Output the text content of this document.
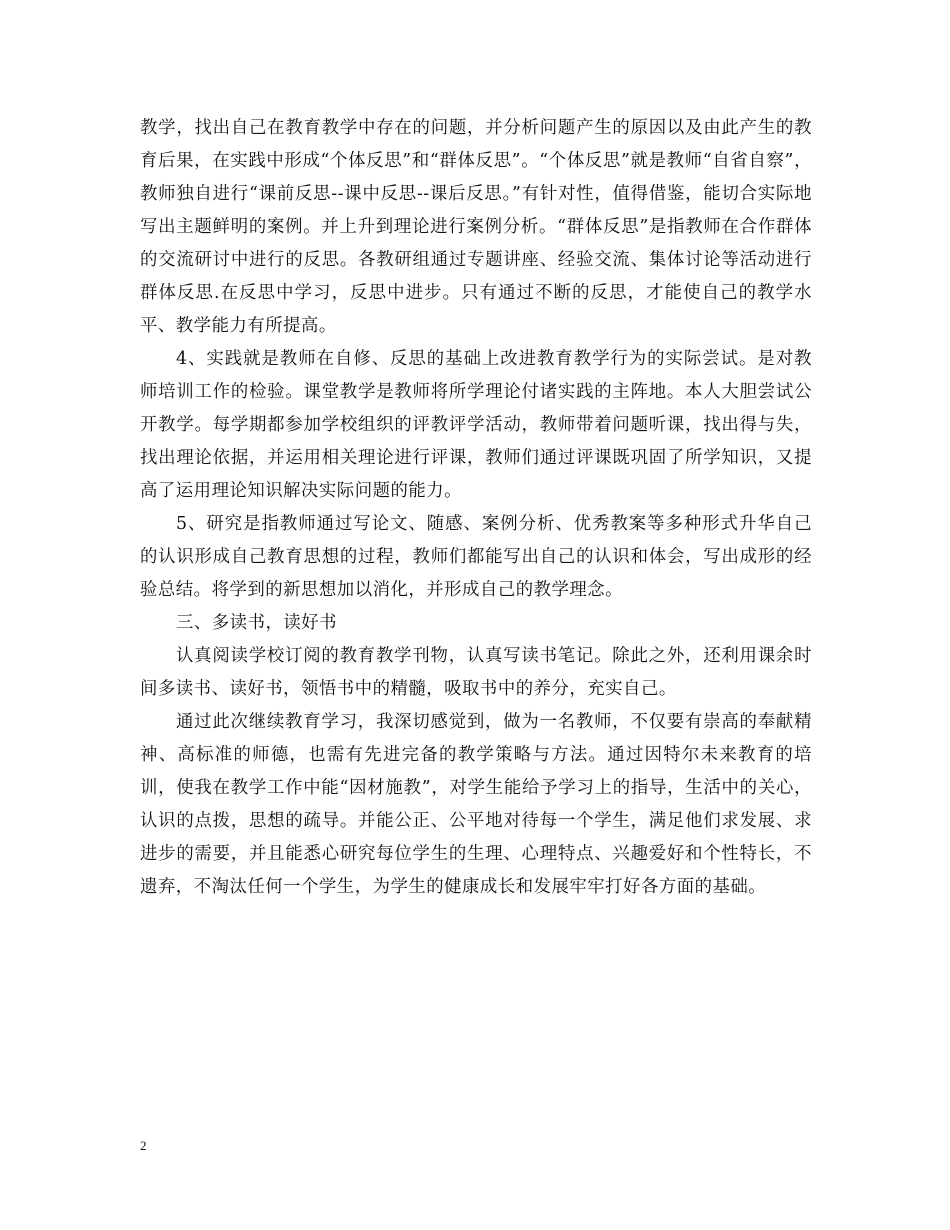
教学，找出自己在教育教学中存在的问题，并分析问题产生的原因以及由此产生的教育后果，在实践中形成“个体反思”和“群体反思”。“个体反思”就是教师“自省自察”，教师独自进行“课前反思--课中反思--课后反思。”有针对性，值得借鉴，能切合实际地写出主题鲜明的案例。并上升到理论进行案例分析。“群体反思”是指教师在合作群体的交流研讨中进行的反思。各教研组通过专题讲座、经验交流、集体讨论等活动进行群体反思.在反思中学习，反思中进步。只有通过不断的反思，才能使自己的教学水平、教学能力有所提高。

4、实践就是教师在自修、反思的基础上改进教育教学行为的实际尝试。是对教师培训工作的检验。课堂教学是教师将所学理论付诸实践的主阵地。本人大胆尝试公开教学。每学期都参加学校组织的评教评学活动，教师带着问题听课，找出得与失，找出理论依据，并运用相关理论进行评课，教师们通过评课既巩固了所学知识，又提高了运用理论知识解决实际问题的能力。

5、研究是指教师通过写论文、随感、案例分析、优秀教案等多种形式升华自己的认识形成自己教育思想的过程，教师们都能写出自己的认识和体会，写出成形的经验总结。将学到的新思想加以消化，并形成自己的教学理念。

三、多读书，读好书

认真阅读学校订阅的教育教学刊物，认真写读书笔记。除此之外，还利用课余时间多读书、读好书，领悟书中的精髓，吸取书中的养分，充实自己。

通过此次继续教育学习，我深切感觉到，做为一名教师，不仅要有崇高的奉献精神、高标准的师德，也需有先进完备的教学策略与方法。通过因特尔未来教育的培训，使我在教学工作中能“因材施教”，对学生能给予学习上的指导，生活中的关心，认识的点拨，思想的疏导。并能公正、公平地对待每一个学生，满足他们求发展、求进步的需要，并且能悉心研究每位学生的生理、心理特点、兴趣爱好和个性特长，不遗弃，不淘汰任何一个学生，为学生的健康成长和发展牢牢打好各方面的基础。

2
